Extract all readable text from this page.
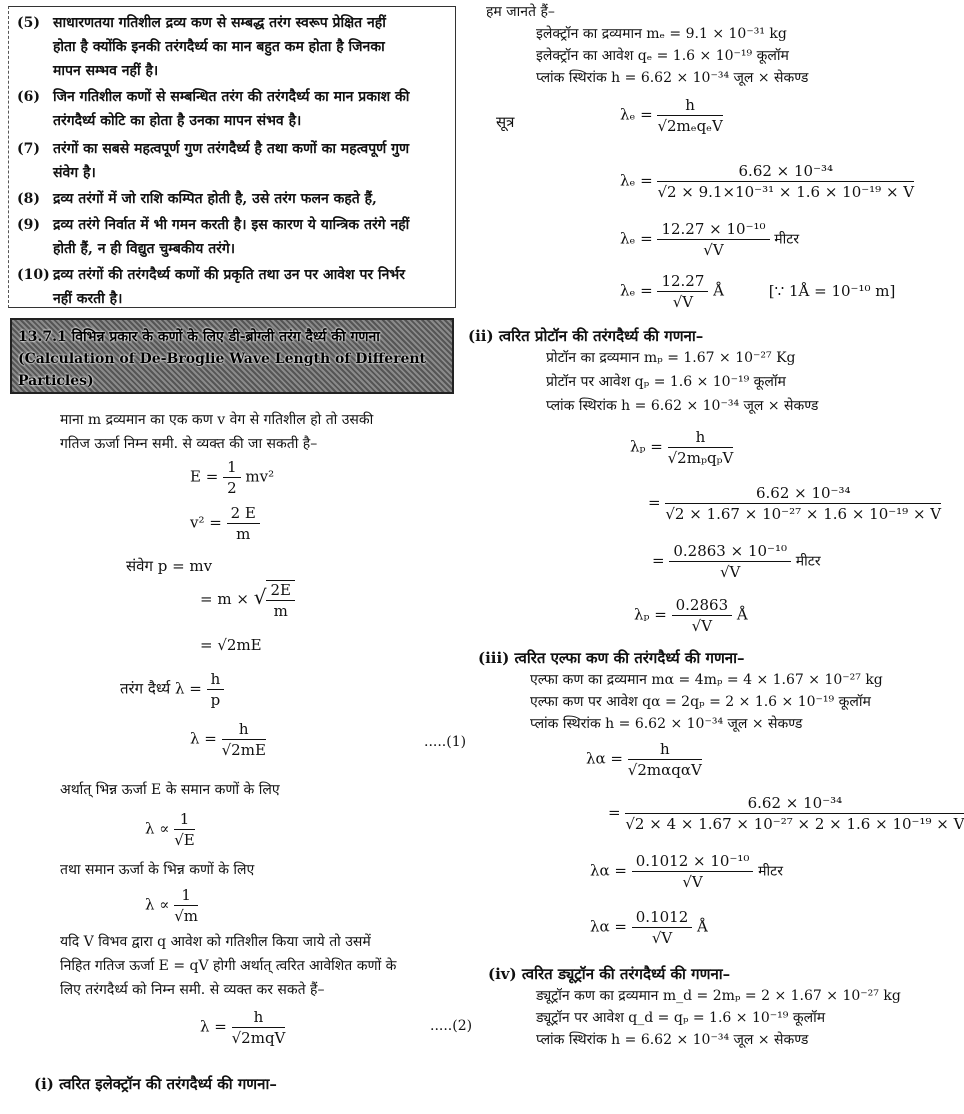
(5) साधारणतया गतिशील द्रव्य कण से सम्बद्ध तरंग स्वरूप प्रेक्षित नहीं
होता है क्योंकि इनकी तरंगदैर्ध्य का मान बहुत कम होता है जिनका
मापन सम्भव नहीं है।
(6) जिन गतिशील कणों से सम्बन्धित तरंग की तरंगदैर्ध्य का मान प्रकाश की
तरंगदैर्ध्य कोटि का होता है उनका मापन संभव है।
(7) तरंगों का सबसे महत्वपूर्ण गुण तरंगदैर्ध्य है तथा कणों का महत्वपूर्ण गुण
संवेग है।
(8) द्रव्य तरंगों में जो राशि कम्पित होती है, उसे तरंग फलन कहते हैं,
(9) द्रव्य तरंगे निर्वात में भी गमन करती है। इस कारण ये यान्त्रिक तरंगे नहीं
होती हैं, न ही विद्युत चुम्बकीय तरंगे।
(10) द्रव्य तरंगों की तरंगदैर्ध्य कणों की प्रकृति तथा उन पर आवेश पर निर्भर
नहीं करती है।
13.7.1 विभिन्न प्रकार के कणों के लिए डी-ब्रोग्ली तरंग दैर्ध्य की गणना
(Calculation of De-Broglie Wave Length of Different
Particles)
माना m द्रव्यमान का एक कण v वेग से गतिशील हो तो उसकी
गतिज ऊर्जा निम्न समी. से व्यक्त की जा सकती है–
$E = \frac{1}{2} mv^2$
$v^2 = \frac{2 E}{m}$
संवेग p = mv
= m × √ $\frac{2E}{m}$
= √2mE
तरंग दैर्ध्य $\lambda = \frac{h}{p}$
$\lambda = \frac{h}{√2mE}$	.....(1)
अर्थात् भिन्न ऊर्जा E के समान कणों के लिए
$\lambda \propto \frac{1}{√E}$
तथा समान ऊर्जा के भिन्न कणों के लिए
$\lambda \propto \frac{1}{√m}$
यदि V विभव द्वारा q आवेश को गतिशील किया जाये तो उसमें
निहित गतिज ऊर्जा E = qV होगी अर्थात् त्वरित आवेशित कणों के
लिए तरंगदैर्ध्य को निम्न समी. से व्यक्त कर सकते हैं–
$\lambda = \frac{h}{\text{√2mqV}}$	.....(2)
(i) त्वरित इलेक्ट्रॉन की तरंगदैर्ध्य की गणना–
हम जानते हैं–
इलेक्ट्रॉन का द्रव्यमान mₑ = 9.1 × 10⁻³¹ kg
इलेक्ट्रॉन का आवेश qₑ = 1.6 × 10⁻¹⁹ कूलॉम
प्लांक स्थिरांक h = 6.62 × 10⁻³⁴ जूल × सेकण्ड
सूत्र	$\lambda_e = \frac{h}{\text{√2mₑqₑV}}$
$\lambda_e = \frac{\text{6.62 × 10⁻³⁴}}{\text{√2 × 9.1×10⁻³¹ × 1.6 × 10⁻¹⁹ × V}}$
$\lambda_e = \frac{\text{12.27 × 10⁻¹⁰}}{√V}$ मीटर
$\lambda_e = \frac{12.27}{√V}$ Å	[∵ 1Å = 10⁻¹⁰ m]
(ii) त्वरित प्रोटॉन की तरंगदैर्ध्य की गणना–
प्रोटॉन का द्रव्यमान mₚ = 1.67 × 10⁻²⁷ Kg
प्रोटॉन पर आवेश qₚ = 1.6 × 10⁻¹⁹ कूलॉम
प्लांक स्थिरांक h = 6.62 × 10⁻³⁴ जूल × सेकण्ड
$\lambda_p = \frac{h}{\text{√2mₚqₚV}}$
= $\frac{\text{6.62 × 10⁻³⁴}}{\text{√2 × 1.67 × 10⁻²⁷ × 1.6 × 10⁻¹⁹ × V}}$
= $\frac{\text{0.2863 × 10⁻¹⁰}}{√V}$ मीटर
$\lambda_p = \frac{0.2863}{√V}$ Å
(iii) त्वरित एल्फा कण की तरंगदैर्ध्य की गणना–
एल्फा कण का द्रव्यमान mα = 4mₚ = 4 × 1.67 × 10⁻²⁷ kg
एल्फा कण पर आवेश qα = 2qₚ = 2 × 1.6 × 10⁻¹⁹ कूलॉम
प्लांक स्थिरांक h = 6.62 × 10⁻³⁴ जूल × सेकण्ड
$\lambda\alpha = \frac{h}{\text{√2mαqαV}}$
= $\frac{\text{6.62 × 10⁻³⁴}}{\text{√2 × 4 × 1.67 × 10⁻²⁷ × 2 × 1.6 × 10⁻¹⁹ × V}}$
$\lambda\alpha = \frac{\text{0.1012 × 10⁻¹⁰}}{√V}$ मीटर
$\lambda\alpha = \frac{0.1012}{√V}$ Å
(iv) त्वरित ड्यूट्रॉन की तरंगदैर्ध्य की गणना–
ड्यूट्रॉन कण का द्रव्यमान m_d = 2mₚ = 2 × 1.67 × 10⁻²⁷ kg
ड्यूट्रॉन पर आवेश q_d = qₚ = 1.6 × 10⁻¹⁹ कूलॉम
प्लांक स्थिरांक h = 6.62 × 10⁻³⁴ जूल × सेकण्ड
